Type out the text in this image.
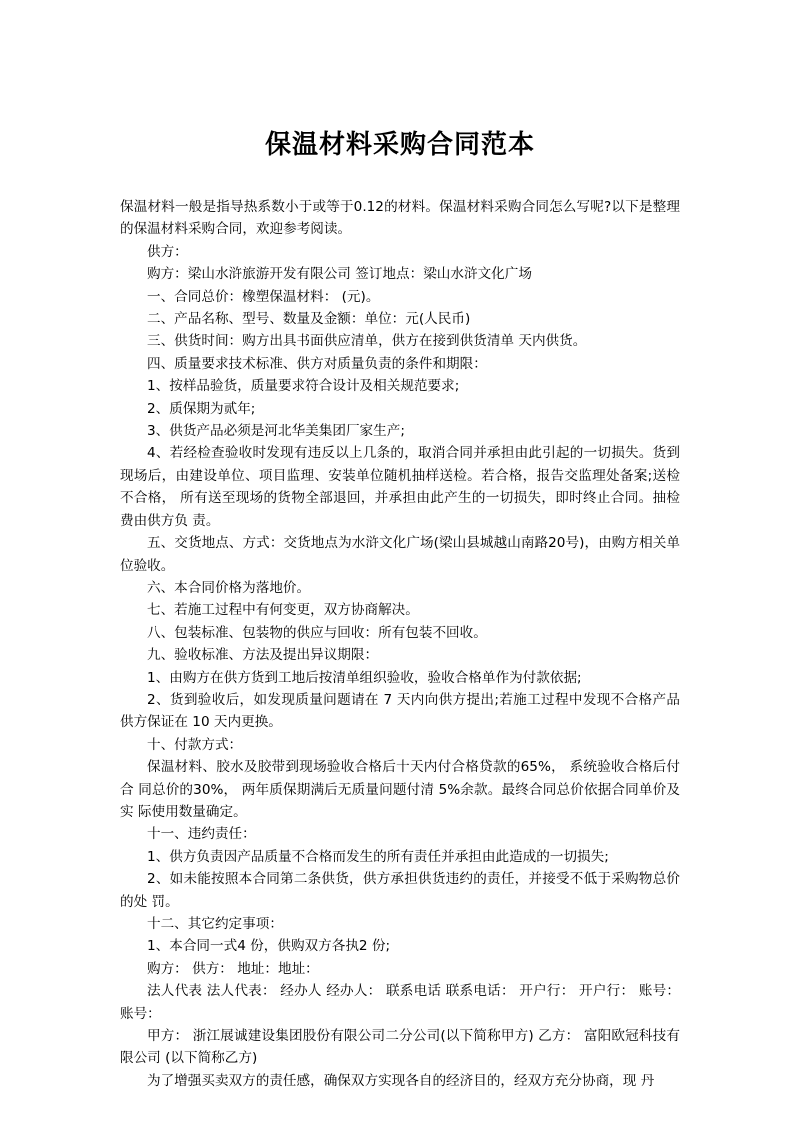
保温材料采购合同范本

保温材料一般是指导热系数小于或等于0.12的材料。保温材料采购合同怎么写呢?以下是整理的保温材料采购合同，欢迎参考阅读。

供方：

购方：梁山水浒旅游开发有限公司 签订地点：梁山水浒文化广场

一、合同总价：橡塑保温材料： (元)。

二、产品名称、型号、数量及金额：单位：元(人民币)

三、供货时间：购方出具书面供应清单，供方在接到供货清单 天内供货。

四、质量要求技术标准、供方对质量负责的条件和期限：

1、按样品验货，质量要求符合设计及相关规范要求;

2、质保期为贰年;

3、供货产品必须是河北华美集团厂家生产;

4、若经检查验收时发现有违反以上几条的，取消合同并承担由此引起的一切损失。货到现场后，由建设单位、项目监理、安装单位随机抽样送检。若合格，报告交监理处备案;送检不合格， 所有送至现场的货物全部退回，并承担由此产生的一切损失，即时终止合同。抽检费由供方负 责。

五、交货地点、方式：交货地点为水浒文化广场(梁山县城越山南路20号)，由购方相关单位验收。

六、本合同价格为落地价。

七、若施工过程中有何变更，双方协商解决。

八、包装标准、包装物的供应与回收：所有包装不回收。

九、验收标准、方法及提出异议期限：

1、由购方在供方货到工地后按清单组织验收，验收合格单作为付款依据;

2、货到验收后，如发现质量问题请在 7 天内向供方提出;若施工过程中发现不合格产品供方保证在 10 天内更换。

十、付款方式：

保温材料、胶水及胶带到现场验收合格后十天内付合格贷款的65%， 系统验收合格后付合 同总价的30%， 两年质保期满后无质量问题付清 5%余款。最终合同总价依据合同单价及实 际使用数量确定。

十一、违约责任：

1、供方负责因产品质量不合格而发生的所有责任并承担由此造成的一切损失;

2、如未能按照本合同第二条供货，供方承担供货违约的责任，并接受不低于采购物总价的处 罚。

十二、其它约定事项：

1、本合同一式4 份，供购双方各执2 份;

购方： 供方： 地址：地址：

法人代表 法人代表： 经办人 经办人： 联系电话 联系电话： 开户行： 开户行： 账号： 账号：

甲方： 浙江展诚建设集团股份有限公司二分公司(以下简称甲方) 乙方： 富阳欧冠科技有限公司 (以下简称乙方)

为了增强买卖双方的责任感，确保双方实现各自的经济目的，经双方充分协商，现 丹
